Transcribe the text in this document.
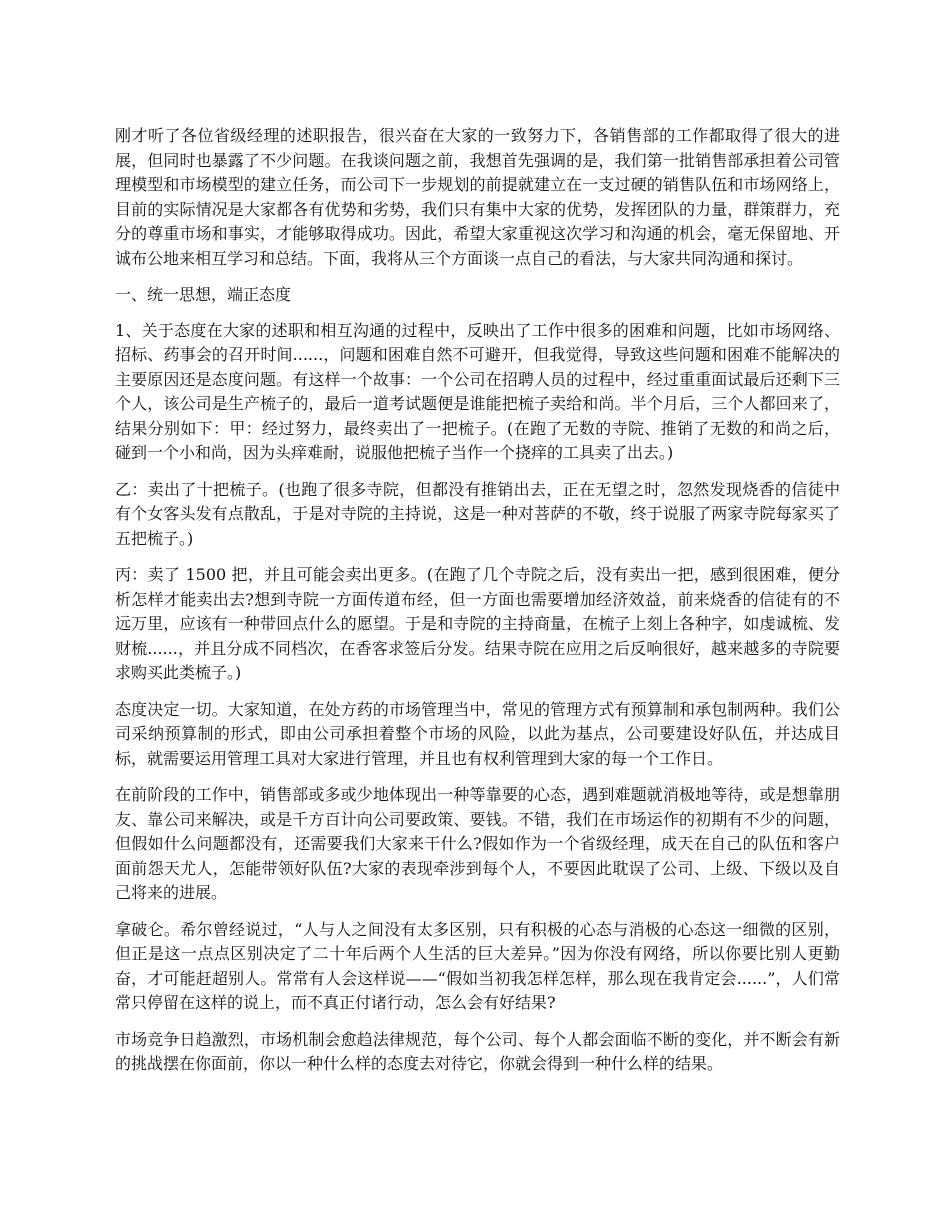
刚才听了各位省级经理的述职报告，很兴奋在大家的一致努力下，各销售部的工作都取得了很大的进展，但同时也暴露了不少问题。在我谈问题之前，我想首先强调的是，我们第一批销售部承担着公司管理模型和市场模型的建立任务，而公司下一步规划的前提就建立在一支过硬的销售队伍和市场网络上，目前的实际情况是大家都各有优势和劣势，我们只有集中大家的优势，发挥团队的力量，群策群力，充分的尊重市场和事实，才能够取得成功。因此，希望大家重视这次学习和沟通的机会，毫无保留地、开诚布公地来相互学习和总结。下面，我将从三个方面谈一点自己的看法，与大家共同沟通和探讨。

一、统一思想，端正态度

1、关于态度在大家的述职和相互沟通的过程中，反映出了工作中很多的困难和问题，比如市场网络、招标、药事会的召开时间......，问题和困难自然不可避开，但我觉得，导致这些问题和困难不能解决的主要原因还是态度问题。有这样一个故事：一个公司在招聘人员的过程中，经过重重面试最后还剩下三个人，该公司是生产梳子的，最后一道考试题便是谁能把梳子卖给和尚。半个月后，三个人都回来了，结果分别如下：甲：经过努力，最终卖出了一把梳子。(在跑了无数的寺院、推销了无数的和尚之后，碰到一个小和尚，因为头痒难耐，说服他把梳子当作一个挠痒的工具卖了出去。)

乙：卖出了十把梳子。(也跑了很多寺院，但都没有推销出去，正在无望之时，忽然发现烧香的信徒中有个女客头发有点散乱，于是对寺院的主持说，这是一种对菩萨的不敬，终于说服了两家寺院每家买了五把梳子。)

丙：卖了 1500 把，并且可能会卖出更多。(在跑了几个寺院之后，没有卖出一把，感到很困难，便分析怎样才能卖出去?想到寺院一方面传道布经，但一方面也需要增加经济效益，前来烧香的信徒有的不远万里，应该有一种带回点什么的愿望。于是和寺院的主持商量，在梳子上刻上各种字，如虔诚梳、发财梳......，并且分成不同档次，在香客求签后分发。结果寺院在应用之后反响很好，越来越多的寺院要求购买此类梳子。)

态度决定一切。大家知道，在处方药的市场管理当中，常见的管理方式有预算制和承包制两种。我们公司采纳预算制的形式，即由公司承担着整个市场的风险，以此为基点，公司要建设好队伍，并达成目标，就需要运用管理工具对大家进行管理，并且也有权利管理到大家的每一个工作日。

在前阶段的工作中，销售部或多或少地体现出一种等靠要的心态，遇到难题就消极地等待，或是想靠朋友、靠公司来解决，或是千方百计向公司要政策、要钱。不错，我们在市场运作的初期有不少的问题，但假如什么问题都没有，还需要我们大家来干什么?假如作为一个省级经理，成天在自己的队伍和客户面前怨天尤人，怎能带领好队伍?大家的表现牵涉到每个人，不要因此耽误了公司、上级、下级以及自己将来的进展。

拿破仑。希尔曾经说过，“人与人之间没有太多区别，只有积极的心态与消极的心态这一细微的区别，但正是这一点点区别决定了二十年后两个人生活的巨大差异。”因为你没有网络，所以你要比别人更勤奋，才可能赶超别人。常常有人会这样说——“假如当初我怎样怎样，那么现在我肯定会......”，人们常常只停留在这样的说上，而不真正付诸行动，怎么会有好结果?

市场竞争日趋激烈，市场机制会愈趋法律规范，每个公司、每个人都会面临不断的变化，并不断会有新的挑战摆在你面前，你以一种什么样的态度去对待它，你就会得到一种什么样的结果。
